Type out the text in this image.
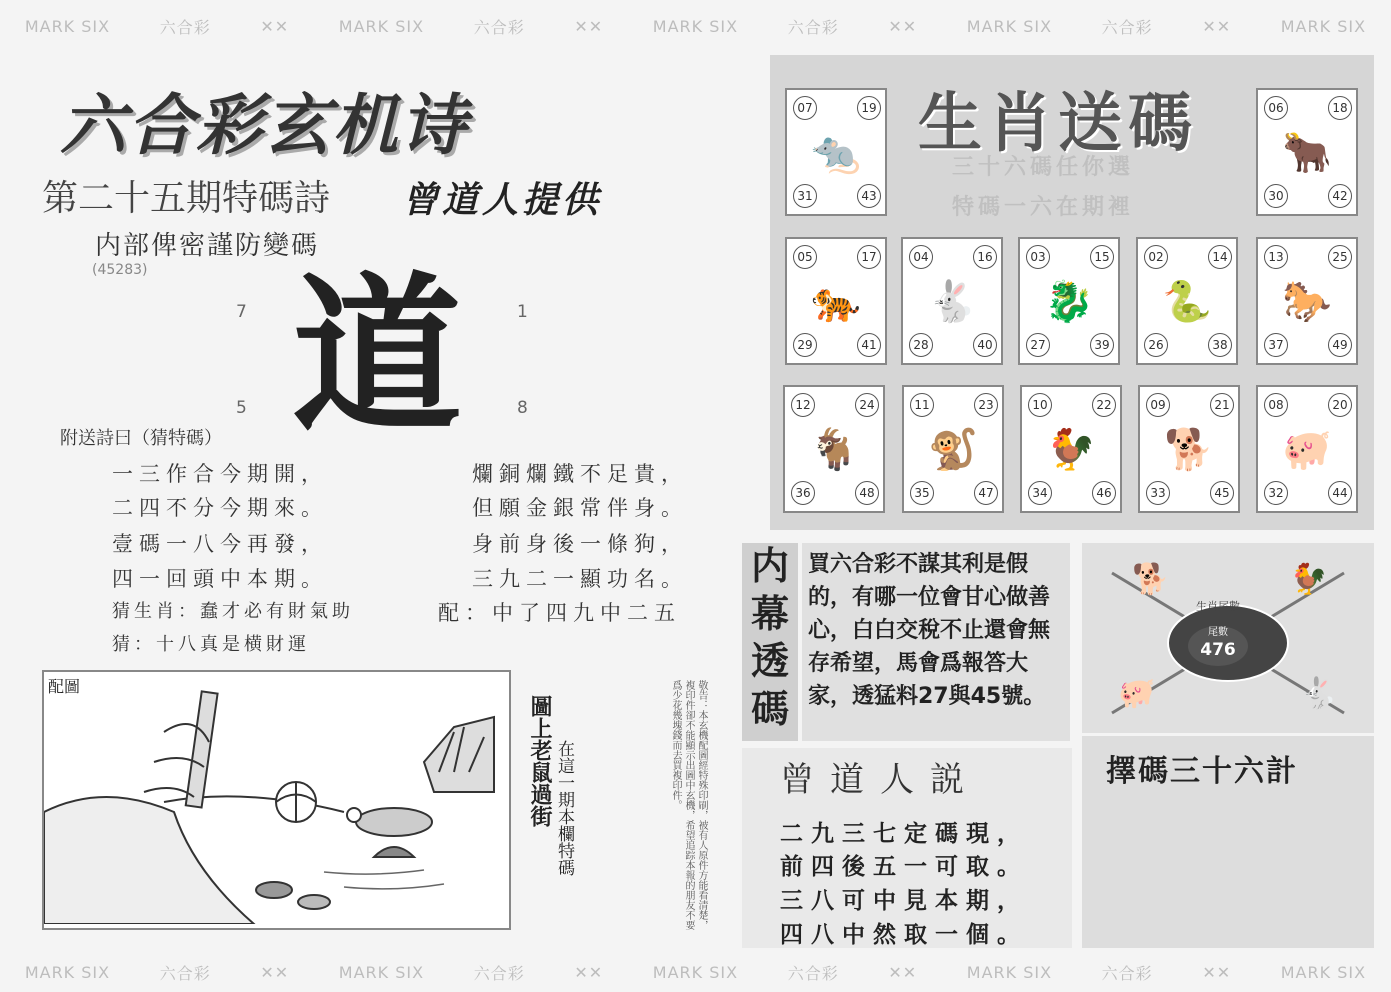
MARK SIX	六合彩	✕✕	MARK SIX	六合彩	✕✕	MARK SIX	六合彩	✕✕	MARK SIX	六合彩	✕✕	MARK SIX
MARK SIX	六合彩	✕✕	MARK SIX	六合彩	✕✕	MARK SIX	六合彩	✕✕	MARK SIX	六合彩	✕✕	MARK SIX
六合彩玄机诗
第二十五期特碼詩 曾道人提供
内部俾密謹防變碼
(45283)
7	1
5	8
道
附送詩曰（猜特碼）
一三作合今期開，
二四不分今期來。
壹碼一八今再發，
四一回頭中本期。
猜生肖：蠢才必有財氣助
猜：十八真是横財運
爛銅爛鐵不足貴，
但願金銀常伴身。
身前身後一條狗，
三九二一顯功名。
配：中了四九中二五
配圖
圖上老鼠過街 在這一期本欄特碼	敬告：本玄機配圖經特殊印刷，被有人原件方能看清楚，複印件卻不能顯示出圖中玄機，希望追踪本報的朋友不要爲少花幾塊錢而去買複印件。
生肖送碼
三十六碼任你選
特碼一六在期裡
07	19
31	43
🐀
06	18
30	42
🐂
05	17
29	41
🐅
04	16
28	40
🐇
03	15
27	39
🐉
02	14
26	38
🐍
13	25
37	49
🐎
12	24
36	48
🐐
11	23
35	47
🐒
10	22
34	46
🐓
09	21
33	45
🐕
08	20
32	44
🐖
内幕透碼
買六合彩不謀其利是假的，有哪一位會甘心做善心，白白交稅不止還會無存希望，馬會爲報答大家，透猛料27與45號。
🐕	🐓
🐖	🐇
生肖尾數
尾數
476
曾道人説
二九三七定碼現，
前四後五一可取。
三八可中見本期，
四八中然取一個。
擇碼三十六計
